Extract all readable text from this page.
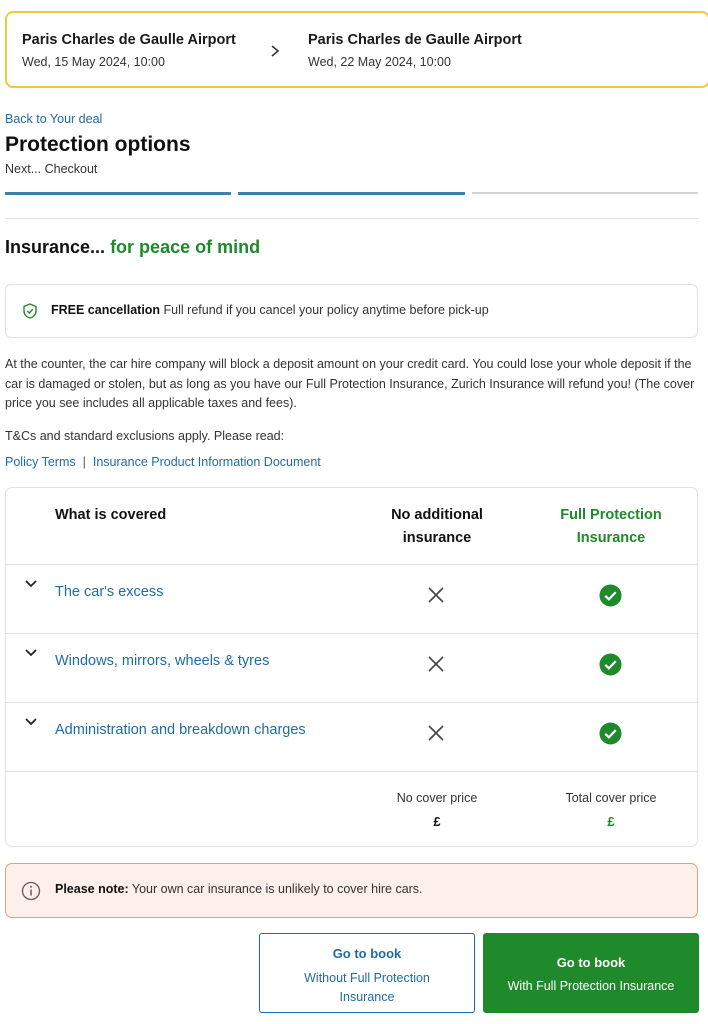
Paris Charles de Gaulle Airport
Wed, 15 May 2024, 10:00
Paris Charles de Gaulle Airport
Wed, 22 May 2024, 10:00
Back to Your deal
Protection options
Next... Checkout
Insurance... for peace of mind
FREE cancellation Full refund if you cancel your policy anytime before pick-up
At the counter, the car hire company will block a deposit amount on your credit card. You could lose your whole deposit if the car is damaged or stolen, but as long as you have our Full Protection Insurance, Zurich Insurance will refund you! (The cover price you see includes all applicable taxes and fees).
T&Cs and standard exclusions apply. Please read:
Policy Terms | Insurance Product Information Document
What is covered	No additional
insurance
Full Protection
Insurance
The car's excess
Windows, mirrors, wheels & tyres
Administration and breakdown charges
No cover price
£
Total cover price
£
Please note: Your own car insurance is unlikely to cover hire cars.
Go to book
Without Full Protection Insurance
Go to book
With Full Protection Insurance
